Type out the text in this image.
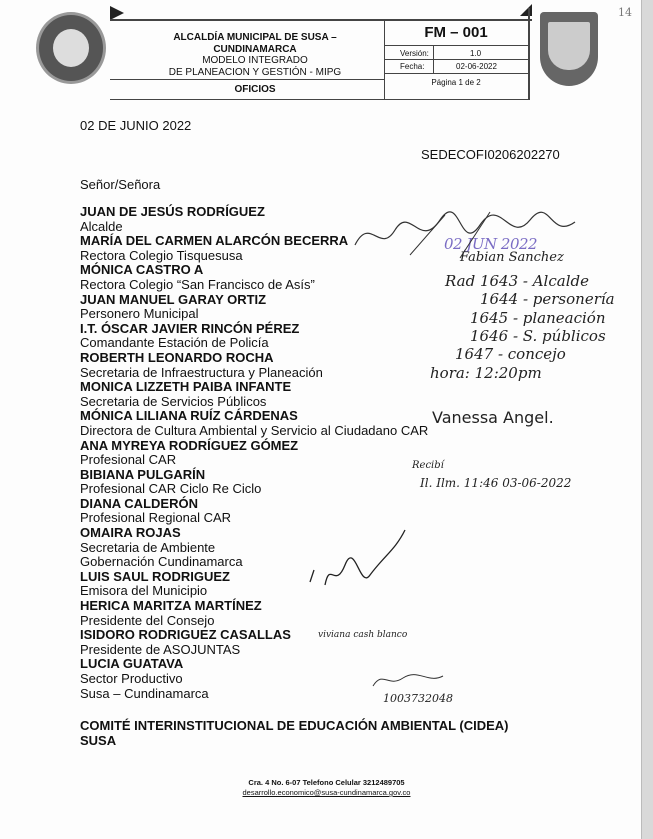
14
ALCALDÍA MUNICIPAL DE SUSA –
CUNDINAMARCA
MODELO INTEGRADO
DE PLANEACION Y GESTIÓN - MIPG
OFICIOS
FM – 001
Versión:	1.0
Fecha:	02-06-2022
Página 1 de 2
02 DE JUNIO 2022
SEDECOFI0206202270
Señor/Señora
JUAN DE JESÚS RODRÍGUEZ
Alcalde
MARÍA DEL CARMEN ALARCÓN BECERRA
Rectora Colegio Tisquesusa
MÓNICA CASTRO A
Rectora Colegio “San Francisco de Asís”
JUAN MANUEL GARAY ORTIZ
Personero Municipal
I.T. ÓSCAR JAVIER RINCÓN PÉREZ
Comandante Estación de Policía
ROBERTH LEONARDO ROCHA
Secretaria de Infraestructura y Planeación
MONICA LIZZETH PAIBA INFANTE
Secretaria de Servicios Públicos
MÓNICA LILIANA RUÍZ CÁRDENAS
Directora de Cultura Ambiental y Servicio al Ciudadano CAR
ANA MYREYA RODRÍGUEZ GÓMEZ
Profesional CAR
BIBIANA PULGARÍN
Profesional CAR Ciclo Re Ciclo
DIANA CALDERÓN
Profesional Regional CAR
OMAIRA ROJAS
Secretaria de Ambiente
Gobernación Cundinamarca
LUIS SAUL RODRIGUEZ
Emisora del Municipio
HERICA MARITZA MARTÍNEZ
Presidente del Consejo
ISIDORO RODRIGUEZ CASALLAS
Presidente de ASOJUNTAS
LUCIA GUATAVA
Sector Productivo
Susa – Cundinamarca
02 JUN 2022
Fabian Sanchez
Rad 1643 - Alcalde
1644 - personería
1645 - planeación
1646 - S. públicos
1647 - concejo
hora: 12:20pm
Vanessa Angel.
Recibí
Il. Ilm. 11:46 03-06-2022
viviana cash blanco
1003732048
COMITÉ INTERINSTITUCIONAL DE EDUCACIÓN AMBIENTAL (CIDEA)
SUSA
Cra. 4 No. 6-07 Telefono Celular 3212489705
desarrollo.economico@susa-cundinamarca.gov.co
